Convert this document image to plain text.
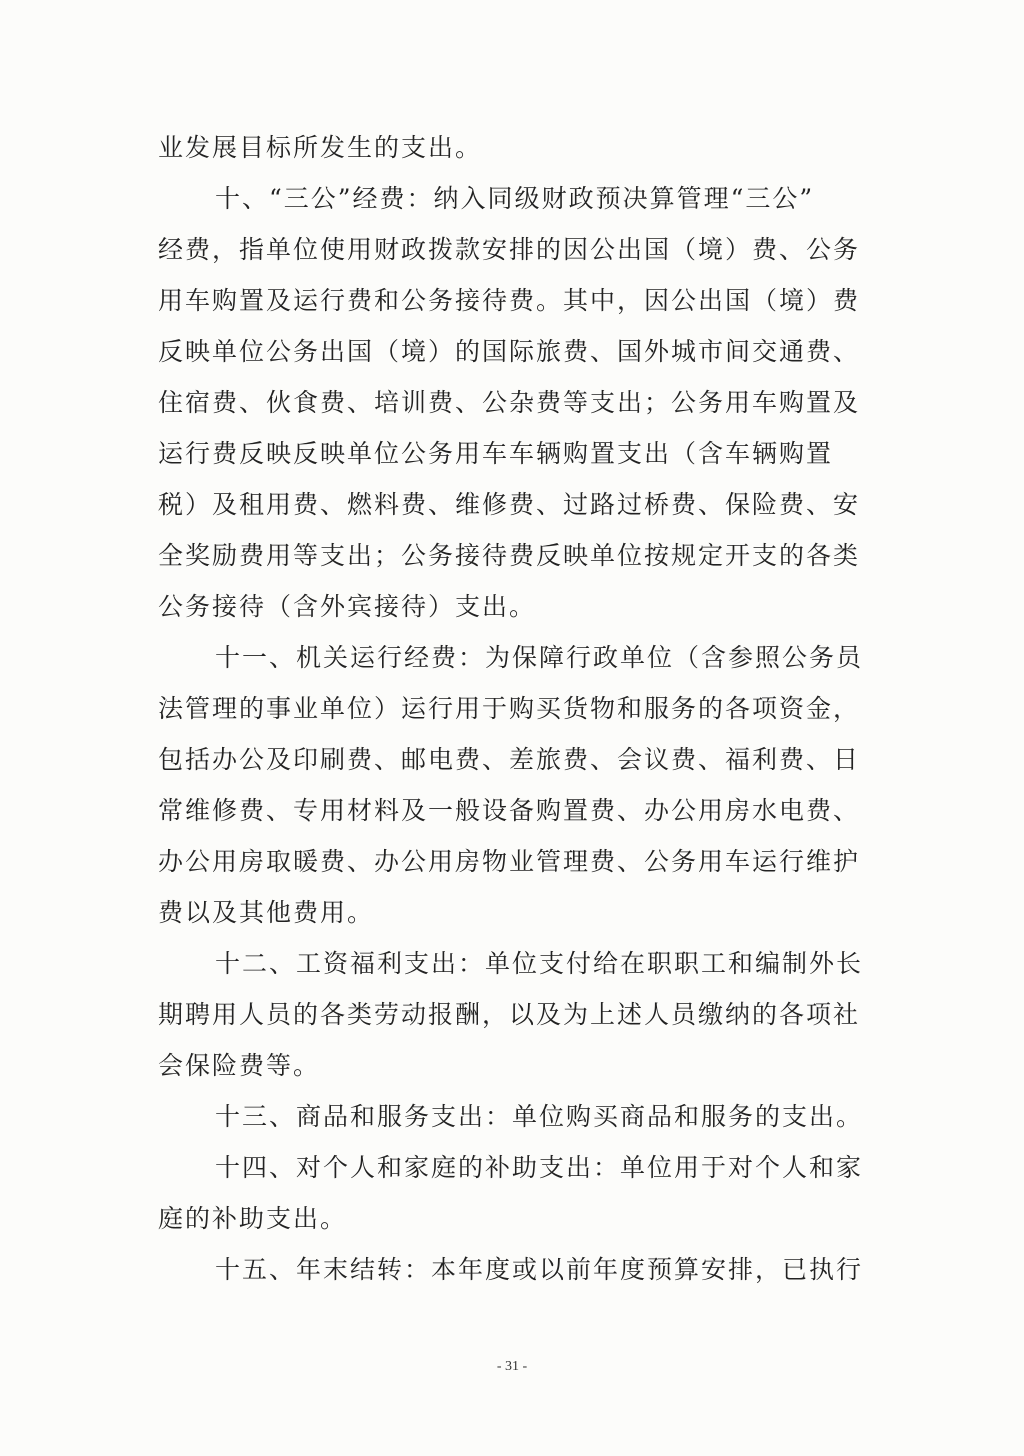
业发展目标所发生的支出。
十、“三公”经费：纳入同级财政预决算管理“三公”
经费，指单位使用财政拨款安排的因公出国（境）费、公务
用车购置及运行费和公务接待费。其中，因公出国（境）费
反映单位公务出国（境）的国际旅费、国外城市间交通费、
住宿费、伙食费、培训费、公杂费等支出；公务用车购置及
运行费反映反映单位公务用车车辆购置支出（含车辆购置
税）及租用费、燃料费、维修费、过路过桥费、保险费、安
全奖励费用等支出；公务接待费反映单位按规定开支的各类
公务接待（含外宾接待）支出。
十一、机关运行经费：为保障行政单位（含参照公务员
法管理的事业单位）运行用于购买货物和服务的各项资金，
包括办公及印刷费、邮电费、差旅费、会议费、福利费、日
常维修费、专用材料及一般设备购置费、办公用房水电费、
办公用房取暖费、办公用房物业管理费、公务用车运行维护
费以及其他费用。
十二、工资福利支出：单位支付给在职职工和编制外长
期聘用人员的各类劳动报酬，以及为上述人员缴纳的各项社
会保险费等。
十三、商品和服务支出：单位购买商品和服务的支出。
十四、对个人和家庭的补助支出：单位用于对个人和家
庭的补助支出。
十五、年末结转：本年度或以前年度预算安排，已执行
- 31 -
